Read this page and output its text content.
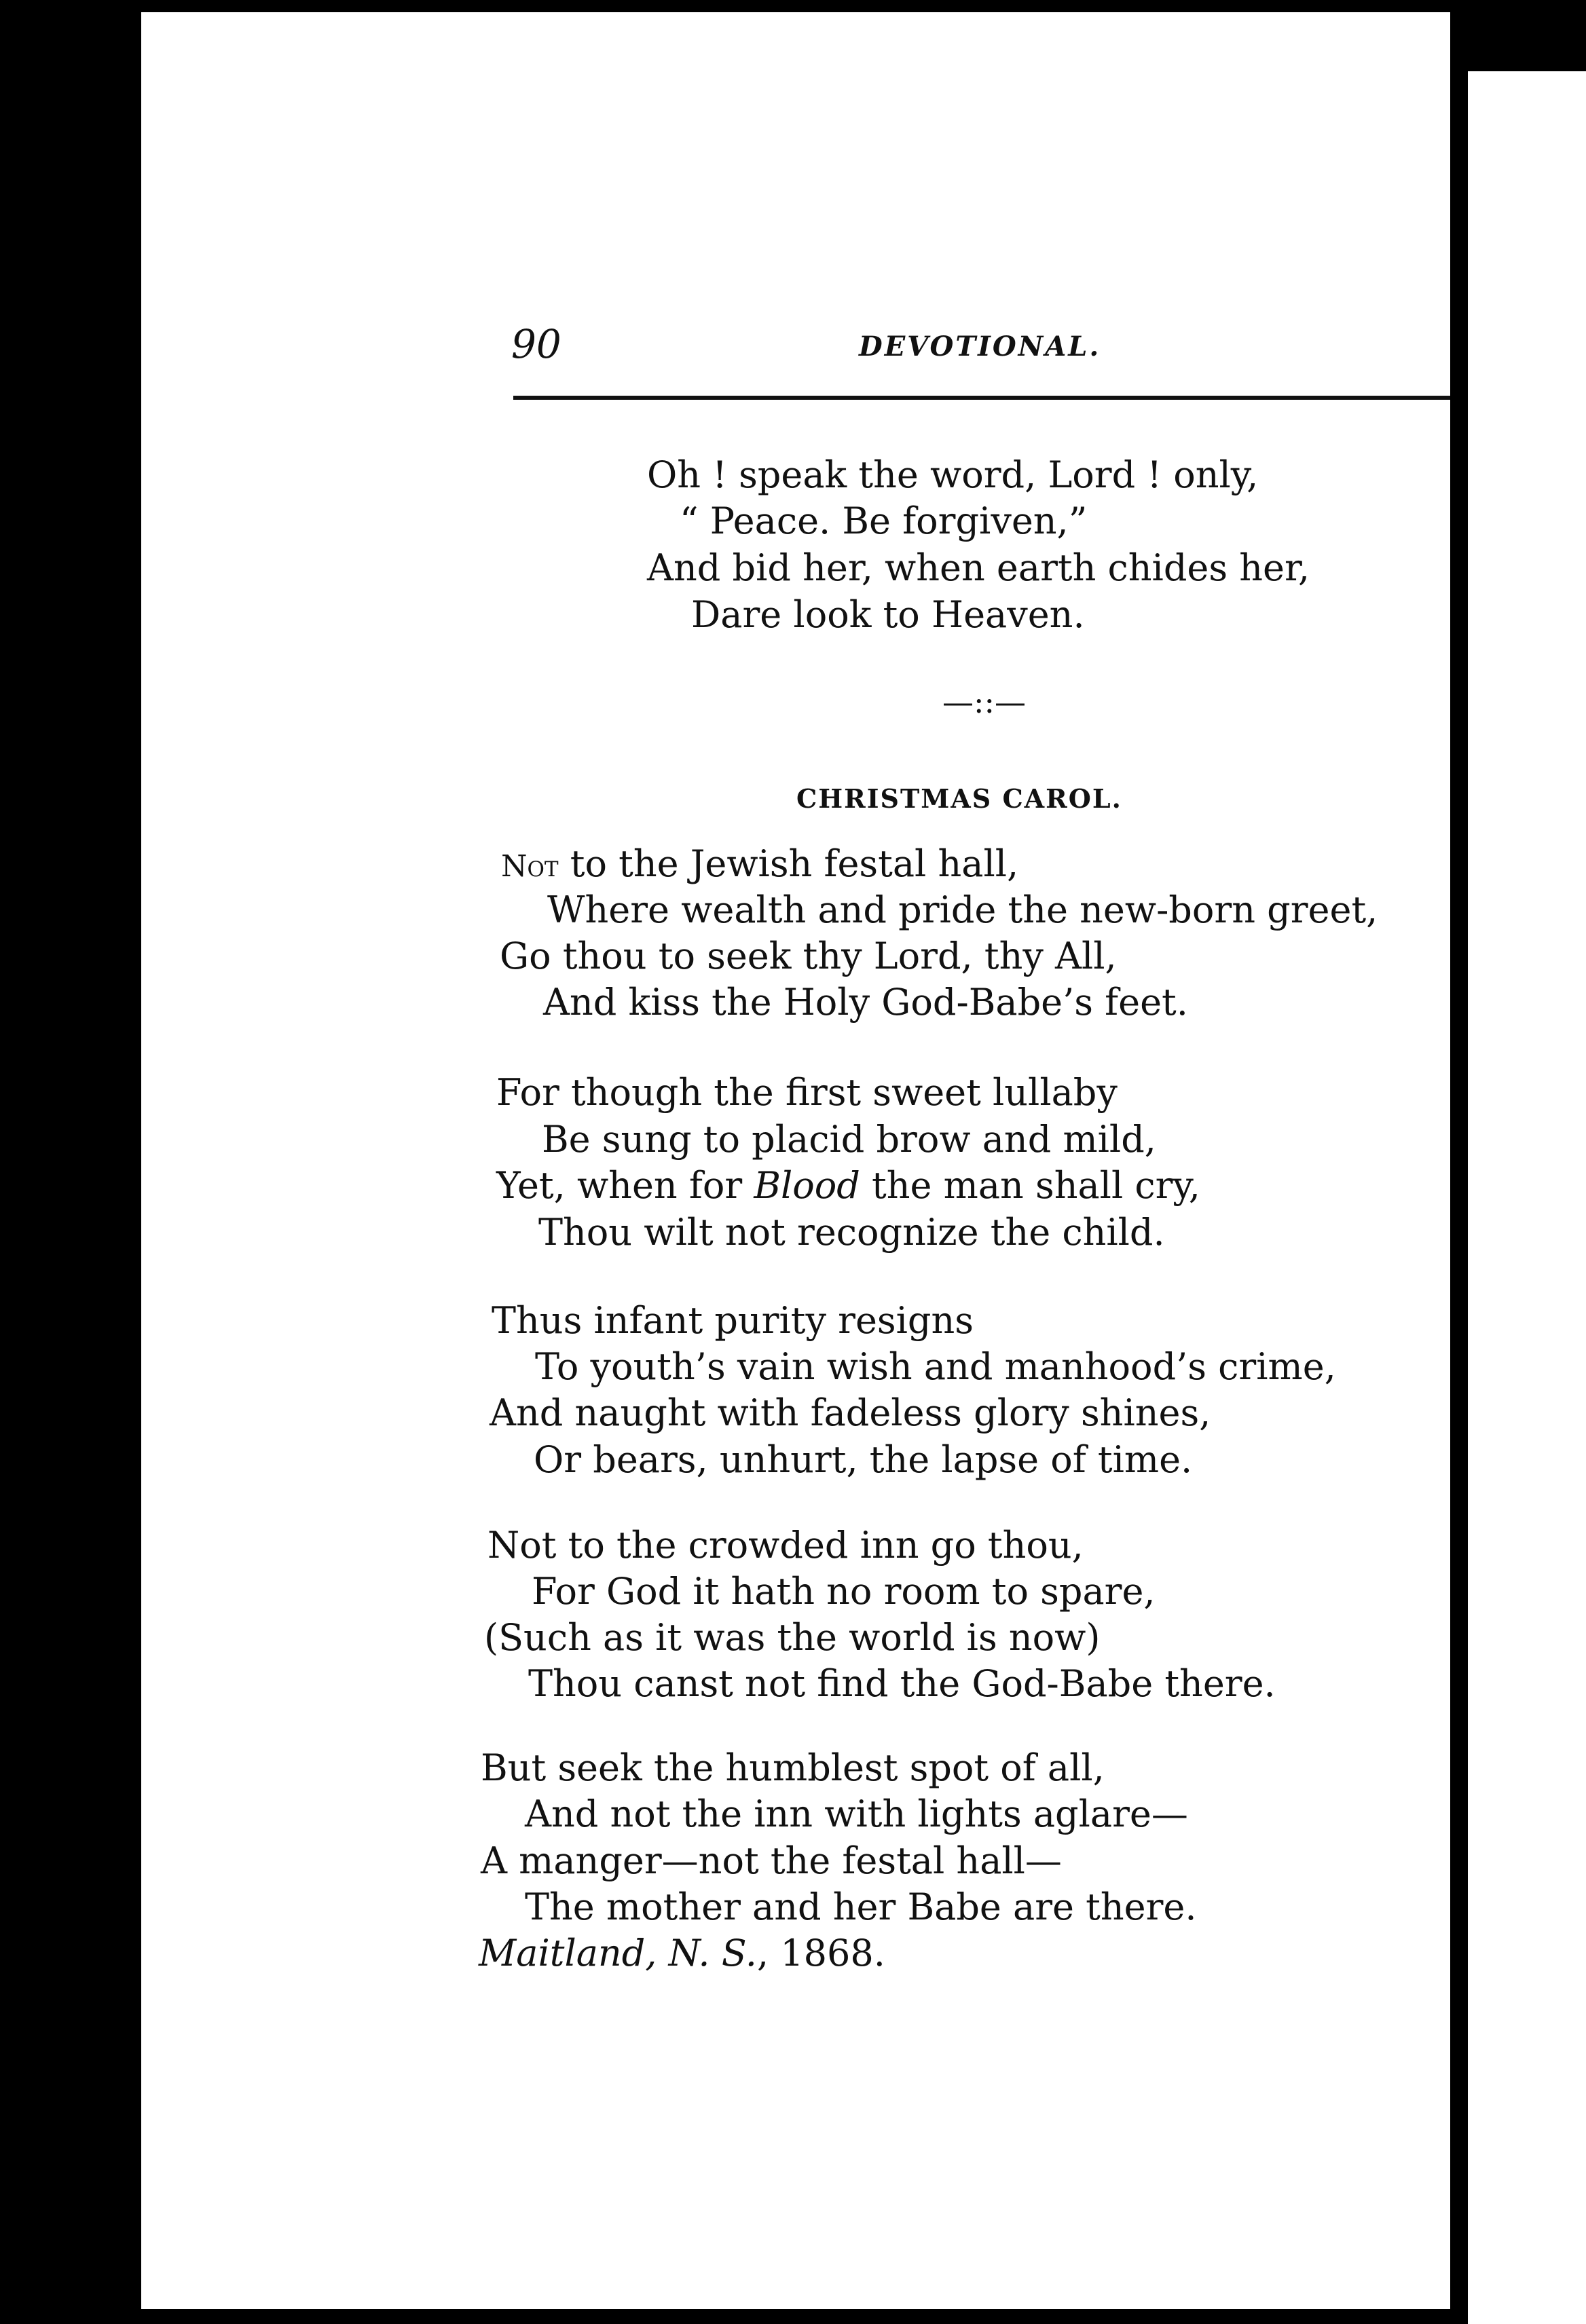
90	DEVOTIONAL.
Oh ! speak the word, Lord ! only,
“ Peace. Be forgiven,”
And bid her, when earth chides her,
Dare look to Heaven.
—::—
CHRISTMAS CAROL.
Not to the Jewish festal hall,
Where wealth and pride the new-born greet,
Go thou to seek thy Lord, thy All,
And kiss the Holy God-Babe’s feet.
For though the first sweet lullaby
Be sung to placid brow and mild,
Yet, when for Blood the man shall cry,
Thou wilt not recognize the child.
Thus infant purity resigns
To youth’s vain wish and manhood’s crime,
And naught with fadeless glory shines,
Or bears, unhurt, the lapse of time.
Not to the crowded inn go thou,
For God it hath no room to spare,
(Such as it was the world is now)
Thou canst not find the God-Babe there.
But seek the humblest spot of all,
And not the inn with lights aglare—
A manger—not the festal hall—
The mother and her Babe are there.
Maitland, N. S., 1868.
